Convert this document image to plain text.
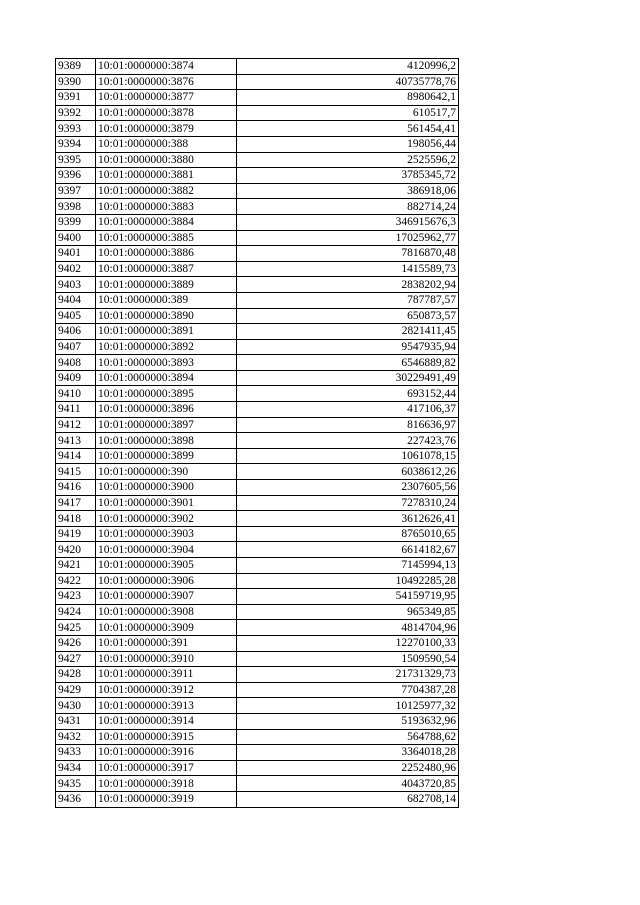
9389	10:01:0000000:3874	4120996,2
9390	10:01:0000000:3876	40735778,76
9391	10:01:0000000:3877	8980642,1
9392	10:01:0000000:3878	610517,7
9393	10:01:0000000:3879	561454,41
9394	10:01:0000000:388	198056,44
9395	10:01:0000000:3880	2525596,2
9396	10:01:0000000:3881	3785345,72
9397	10:01:0000000:3882	386918,06
9398	10:01:0000000:3883	882714,24
9399	10:01:0000000:3884	346915676,3
9400	10:01:0000000:3885	17025962,77
9401	10:01:0000000:3886	7816870,48
9402	10:01:0000000:3887	1415589,73
9403	10:01:0000000:3889	2838202,94
9404	10:01:0000000:389	787787,57
9405	10:01:0000000:3890	650873,57
9406	10:01:0000000:3891	2821411,45
9407	10:01:0000000:3892	9547935,94
9408	10:01:0000000:3893	6546889,82
9409	10:01:0000000:3894	30229491,49
9410	10:01:0000000:3895	693152,44
9411	10:01:0000000:3896	417106,37
9412	10:01:0000000:3897	816636,97
9413	10:01:0000000:3898	227423,76
9414	10:01:0000000:3899	1061078,15
9415	10:01:0000000:390	6038612,26
9416	10:01:0000000:3900	2307605,56
9417	10:01:0000000:3901	7278310,24
9418	10:01:0000000:3902	3612626,41
9419	10:01:0000000:3903	8765010,65
9420	10:01:0000000:3904	6614182,67
9421	10:01:0000000:3905	7145994,13
9422	10:01:0000000:3906	10492285,28
9423	10:01:0000000:3907	54159719,95
9424	10:01:0000000:3908	965349,85
9425	10:01:0000000:3909	4814704,96
9426	10:01:0000000:391	12270100,33
9427	10:01:0000000:3910	1509590,54
9428	10:01:0000000:3911	21731329,73
9429	10:01:0000000:3912	7704387,28
9430	10:01:0000000:3913	10125977,32
9431	10:01:0000000:3914	5193632,96
9432	10:01:0000000:3915	564788,62
9433	10:01:0000000:3916	3364018,28
9434	10:01:0000000:3917	2252480,96
9435	10:01:0000000:3918	4043720,85
9436	10:01:0000000:3919	682708,14
